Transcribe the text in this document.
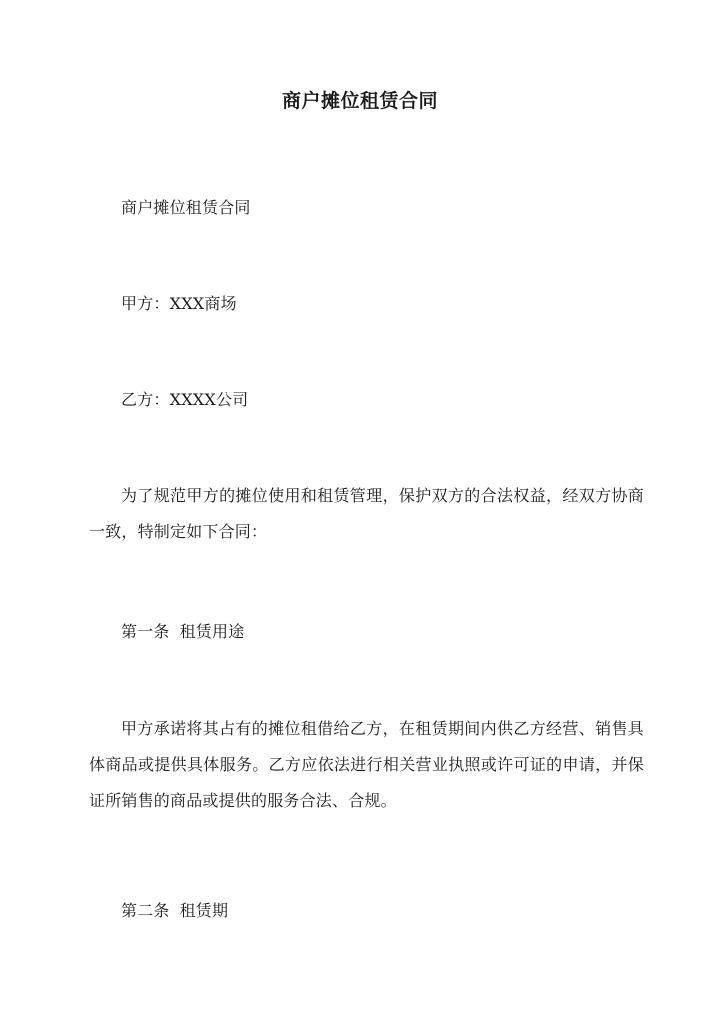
商户摊位租赁合同

商户摊位租赁合同

甲方：XXX商场

乙方：XXXX公司

为了规范甲方的摊位使用和租赁管理，保护双方的合法权益，经双方协商一致，特制定如下合同：

第一条 租赁用途

甲方承诺将其占有的摊位租借给乙方，在租赁期间内供乙方经营、销售具体商品或提供具体服务。乙方应依法进行相关营业执照或许可证的申请，并保证所销售的商品或提供的服务合法、合规。

第二条 租赁期
